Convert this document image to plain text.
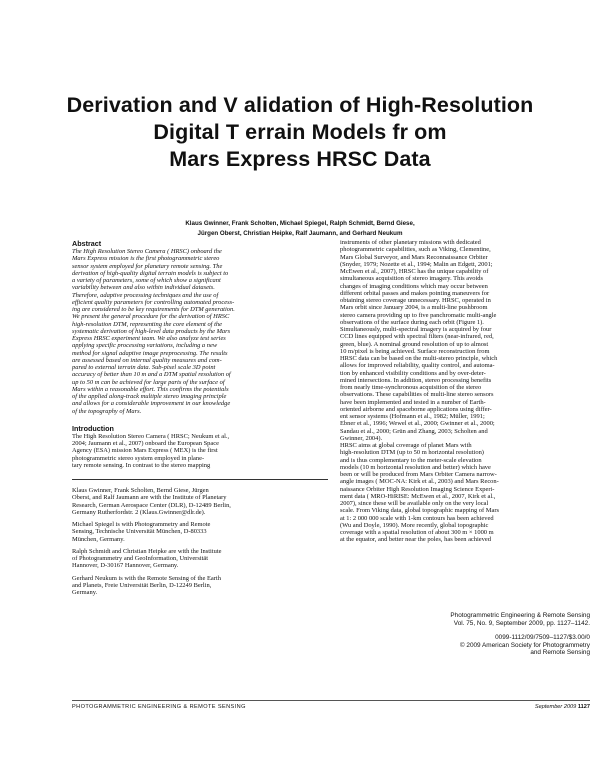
Derivation and V alidation of High-Resolution
Digital T errain Models fr om
Mars Express HRSC Data
Klaus Gwinner, Frank Scholten, Michael Spiegel, Ralph Schmidt, Bernd Giese,
Jürgen Oberst, Christian Heipke, Ralf Jaumann, and Gerhard Neukum
Abstract
The High Resolution Stereo Camera ( HRSC) onboard the
Mars Express mission is the first photogrammetric stereo
sensor system employed for planetary remote sensing. The
derivation of high-quality digital terrain models is subject to
a variety of parameters, some of which show a significant
variability between and also within individual datasets.
Therefore, adaptive processing techniques and the use of
efficient quality parameters for controlling automated process-
ing are considered to be key requirements for DTM generation.
We present the general procedure for the derivation of HRSC
high-resolution DTM, representing the core element of the
systematic derivation of high-level data products by the Mars
Express HRSC experiment team. We also analyze test series
applying specific processing variations, including a new
method for signal adaptive image preprocessing. The results
are assessed based on internal quality measures and com-
pared to external terrain data. Sub-pixel scale 3D point
accuracy of better than 10 m and a DTM spatial resolution of
up to 50 m can be achieved for large parts of the surface of
Mars within a reasonable effort. This confirms the potentials
of the applied along-track multiple stereo imaging principle
and allows for a considerable improvement in our knowledge
of the topography of Mars.
Introduction
The High Resolution Stereo Camera ( HRSC; Neukum et al.,
2004; Jaumann et al., 2007) onboard the European Space
Agency (ESA) mission Mars Express ( MEX) is the first
photogrammetric stereo system employed in plane-
tary remote sensing. In contrast to the stereo mapping
Klaus Gwinner, Frank Scholten, Bernd Giese, Jürgen
Oberst, and Ralf Jaumann are with the Institute of Planetary
Research, German Aerospace Center (DLR), D-12489 Berlin,
Germany Rutherfordstr. 2 (Klaus.Gwinner@dlr.de).
Michael Spiegel is with Photogrammetry and Remote
Sensing, Technische Universität München, D-80333
München, Germany.
Ralph Schmidt and Christian Heipke are with the Institute
of Photogrammetry and GeoInformation, Universität
Hannover, D-30167 Hannover, Germany.
Gerhard Neukum is with the Remote Sensing of the Earth
and Planets, Freie Universität Berlin, D-12249 Berlin,
Germany.
instruments of other planetary missions with dedicated
photogrammetric capabilities, such as Viking, Clementine,
Mars Global Surveyor, and Mars Reconnaissance Orbiter
(Snyder, 1979; Nozette et al., 1994; Malin an Edgett, 2001;
McEwen et al., 2007), HRSC has the unique capability of
simultaneous acquisition of stereo imagery. This avoids
changes of imaging conditions which may occur between
different orbital passes and makes pointing maneuvers for
obtaining stereo coverage unnecessary. HRSC, operated in
Mars orbit since January 2004, is a multi-line pushbroom
stereo camera providing up to five panchromatic multi-angle
observations of the surface during each orbit (Figure 1).
Simultaneously, multi-spectral imagery is acquired by four
CCD lines equipped with spectral filters (near-infrared, red,
green, blue). A nominal ground resolution of up to almost
10 m/pixel is being achieved. Surface reconstruction from
HRSC data can be based on the multi-stereo principle, which
allows for improved reliability, quality control, and automa-
tion by enhanced visibility conditions and by over-deter-
mined intersections. In addition, stereo processing benefits
from nearly time-synchronous acquisition of the stereo
observations. These capabilities of multi-line stereo sensors
have been implemented and tested in a number of Earth-
oriented airborne and spaceborne applications using differ-
ent sensor systems (Hofmann et al., 1982; Müller, 1991;
Ebner et al., 1996; Wewel et al., 2000; Gwinner et al., 2000;
Sandau et al., 2000; Grün and Zhang, 2003; Scholten and
Gwinner, 2004).
HRSC aims at global coverage of planet Mars with
high-resolution DTM (up to 50 m horizontal resolution)
and is thus complementary to the meter-scale elevation
models (10 m horizontal resolution and better) which have
been or will be produced from Mars Orbiter Camera narrow-
angle images ( MOC-NA: Kirk et al., 2003) and Mars Recon-
naissance Orbiter High Resolution Imaging Science Experi-
ment data ( MRO-HiRISE: McEwen et al., 2007, Kirk et al.,
2007), since these will be available only on the very local
scale. From Viking data, global topographic mapping of Mars
at 1: 2 000 000 scale with 1-km contours has been achieved
(Wu and Doyle, 1990). More recently, global topographic
coverage with a spatial resolution of about 300 m × 1000 m
at the equator, and better near the poles, has been achieved
Photogrammetric Engineering & Remote Sensing
Vol. 75, No. 9, September 2009, pp. 1127–1142.
0099-1112/09/7509–1127/$3.00/0
© 2009 American Society for Photogrammetry
and Remote Sensing
PHOTOGRAMMETRIC ENGINEERING & REMOTE SENSING	September 2009 1127
